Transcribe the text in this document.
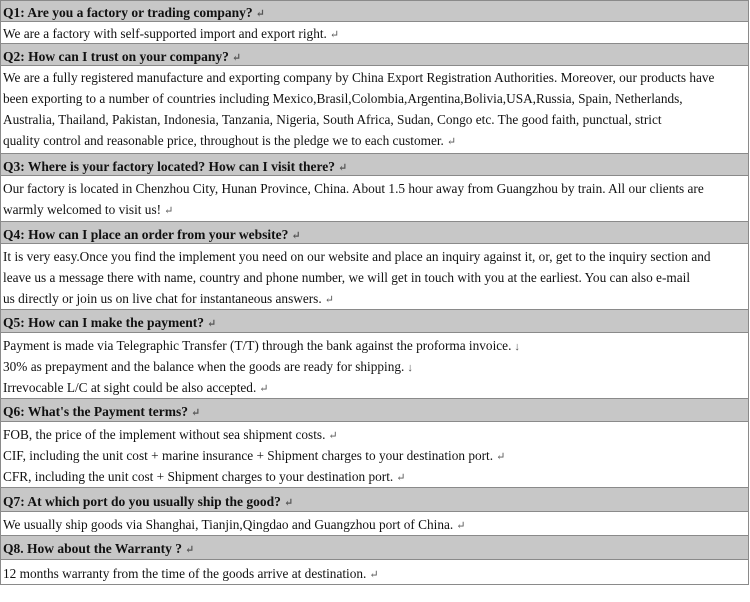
Q1: Are you a factory or trading company? ↵
We are a factory with self-supported import and export right. ↵
Q2: How can I trust on your company? ↵
We are a fully registered manufacture and exporting company by China Export Registration Authorities. Moreover, our products have
been exporting to a number of countries including Mexico,Brasil,Colombia,Argentina,Bolivia,USA,Russia, Spain, Netherlands,
Australia, Thailand, Pakistan, Indonesia, Tanzania, Nigeria, South Africa, Sudan, Congo etc. The good faith, punctual, strict
quality control and reasonable price, throughout is the pledge we to each customer. ↵
Q3: Where is your factory located? How can I visit there? ↵
Our factory is located in Chenzhou City, Hunan Province, China. About 1.5 hour away from Guangzhou by train. All our clients are
warmly welcomed to visit us! ↵
Q4: How can I place an order from your website? ↵
It is very easy.Once you find the implement you need on our website and place an inquiry against it, or, get to the inquiry section and
leave us a message there with name, country and phone number, we will get in touch with you at the earliest. You can also e-mail
us directly or join us on live chat for instantaneous answers. ↵
Q5: How can I make the payment? ↵
Payment is made via Telegraphic Transfer (T/T) through the bank against the proforma invoice. ↓
30% as prepayment and the balance when the goods are ready for shipping. ↓
Irrevocable L/C at sight could be also accepted. ↵
Q6: What's the Payment terms? ↵
FOB, the price of the implement without sea shipment costs. ↵
CIF, including the unit cost + marine insurance + Shipment charges to your destination port. ↵
CFR, including the unit cost + Shipment charges to your destination port. ↵
Q7: At which port do you usually ship the good? ↵
We usually ship goods via Shanghai, Tianjin,Qingdao and Guangzhou port of China. ↵
Q8. How about the Warranty ? ↵
12 months warranty from the time of the goods arrive at destination. ↵
